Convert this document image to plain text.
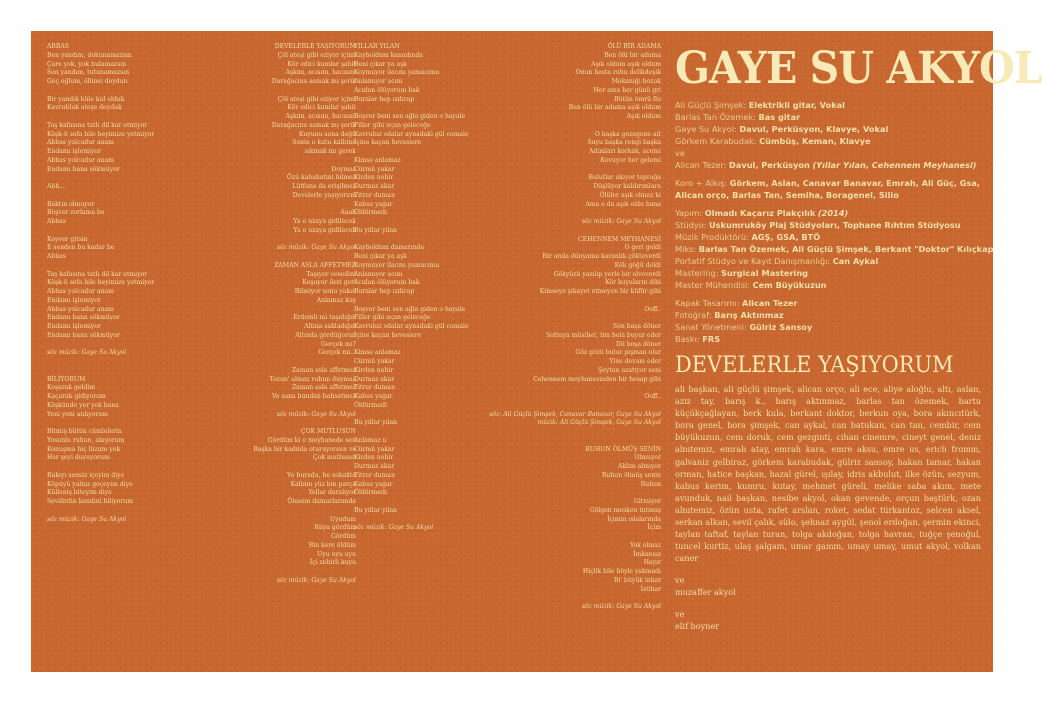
ABBAS
Ben yandım, dokunamazsın
Çare yok, yok bulamazsın
Sen yandım, tutunamazsın
Geç oğlum, ölüme doydun
Bir yandık küle kul olduk
Kavrulduk ateşe doyduk
Taş kafasına tatlı dil kar etmiyor
Köşk-ü sefa bile beyimize yetmiyor
Abbas yolcudur anam
Endamı işlemiyor
Abbas yolcudur anam
Endamı bana sökmüyor
Ahh...
Baktın olmuyor
Boşver zorlama be
Abbas
Koyver gitsin
E senden bu kadar be
Abbas
Taş kafasına tatlı dil kar etmiyor
Köşk-ü sefa bile beyimize yetmiyor
Abbas yolcudur anam
Endamı işlemiyor
Abbas yolcudur anam
Endamı bana sökmüyor
Endamı işlemiyor
Endamı bana sökmüyor
söz müzik: Gaye Su Akyol
BİLİYORUM
Koşarak geldim
Kaçarak gidiyorum
Köşkünde yer yok bana
Yeni yeni anlıyorum
Bitmiş bütün cümlelerin
Yosunlu ruhun, akıyorum
Konuşma hiç lüzum yok
Her şeyi duyuyorum
Rakıyı sensiz içeyim diye
Köpüyü yalnız geçeyim diye
Külleniş biteyim diye
Sevdirdin kendini biliyorum
söz müzik: Gaye Su Akyol
DEVELERLE YAŞIYORUM
Çöl ateşi gibi eziyor içimi
Kör edici kumlar şahit
Aşkım, acısını, hacısını
Darağacına asmak mı şerik
Çöl ateşi gibi eziyor içimi
Kör edici kumlar şahit
Aşkım, acısını, hacısını
Darağacına asmak mı şerik
Kuyunu sana değil
Senin o kutu kalbine
sıkmak mı gerek
Doymaz
Özü kabahatini bilmez
Lütfuna da erişilmez
Develerle yaşıyorum
Aaah
Ya o uzaya gidilecek
Ya o uzaya gidilecek
söz müzik: Gaye Su Akyol
ZAMAN ASLA AFFETMEZ
Taşıyor cesedini
Koşuyor ileri geri
Bilmiyor sonu yakın
Anlamaz kuş
Erdemli mi taşıdığın
Altına sakladığın
Altında gördüğorun
Gerçek mi?
Gerçek mi...
Zaman asla affetmez
Tozun' almaz ruhun duymaz
Zaman asla affetmez
Ve sana bundan bahsetmez
söz müzik: Gaye Su Akyol
ÇOK MUTLUSUN
Gördüm ki o meyhanede sen
Başka bir kadınla oturuyorsun ve
Çok mutlusun
Ve burada, bu sokakta
Kalbim yüz bin parça
Yollar daralıyor
Ölesem damarlarımda
Uyudum
Rüya gördüm
Gördüm
Bin kere öldüm
Uyu uyu uyu
İçi zehirli kuyu
söz müzik: Gaye Su Akyol
YILLAR YILAN
Kayboldum kanadında
Beni çıkar ya aşk
Koymuyor ilacını yamacıma
Anlamıyor acını
Acıdan ölüyorum bak
Buralar hep ızdırap
Boşver beni sen ağla giden o hayale
Filler gibi uçan geleceğe
Kavruluz odalar aynadaki gül cemale
İçine kaçan hevesiere
Kimse anlamaz
Cürmü yakar
Kirden nehir
Durmaz akar
Titrer duman
Kabus yağar
Öldürmedi
Bu yıllar yılan
Kayboldum damarında
Beni çıkar ya aşk
Koymuyor ilacını yamacıma
Anlamıyor acını
Acıdan ölüyorum bak
Buralar hep ızdırap
Boşver beni sen ağla giden o hayale
Filler gibi uçan geleceğe
Kavruluz odalar aynadaki gül cemale
İçine kaçan hevesiere
Kimse anlamaz
Cürmü yakar
Kirden nehir
Durmaz akar
Titrer duman
Kabus yağar
Öldürmedi
Bu yıllar yılan
Anlamaz u
Cürmü yakar
Kirden nehir
Durmaz akar
Titrer duman
Kabus yağar
Öldürmedi
Bu yıllar yılan
söz müzik: Gaye Su Akyol
ÖLÜ BİR ADAMA
Ben ölü bir adama
Aşık oldum aşık oldum
Onun hasta ruhu delikdeşik
Mekanığı bozuk
Her ama her günü gri
Bütün ömrü flu
Ben ölü bir adama aşık oldum
Aşık oldum
O başka gezegene ait
Suyu başka rengi başka
Adımları korkak, acemi
Kovuyor her gelemi
Bulutlar akıyor toprağa
Düşlüyor kaldırımlara
Ölüler aşık olmaz ki
Ama o da aşık oldu bana
söz müzik: Gaye Su Akyol
CEHENNEM MEYHANESİ
O geri geldi
Bir anda dünyama karanlık çökteverdi
Kök göğü deldi
Gökyüzü yazılıp yerle bir olveverdi
Kör kuyuların dibi
Kimseye şikayet etmeyen bir küfür gibi
Ooff..
Son başa döner
Sofraya müsibet, bin bela buyur eder
Dil boşa döner
Göz gözü bulur pişman olur
Yine devam eder
Şeytan uzatıyor seni
Cehennem meyhanesinden bir hesap gibi
Ooff..
söz: Ali Güçlü Şimşek, Canavar Banavar, Gaye Su Akyol
müzik: Ali Güçlü Şimşek, Gaye Su Akyol
RUHUN ÖLMÜŞ SENİN
Olmuyor
Aklım almıyor
Ruhun ölmüş senin
Ruhun
Gitmiyor
Gölgen mesken tutmuş
İçimin ıslalarında
İçim
Yok olmaz
İmkansız
Hayır
Hiçlik bile böyle yakmadı
Bi' büyük inkar
İstihar
söz müzik: Gaye Su Akyol
GAYE SU AKYOL
Ali Güçlü Şimşek: Elektrikli gitar, Vokal
Barlas Tan Özemek: Bas gitar
Gaye Su Akyol: Davul, Perküsyon, Klavye, Vokal
Görkem Karabudak: Cümbüş, Keman, Klavye
ve
Alican Tezer: Davul, Perküsyon (Yıllar Yılan, Cehennem Meyhanesi)
Koro + Alkış: Görkem, Aslan, Canavar Banavar, Emrah, Ali Güç, Gsa,
Alican orço, Barlas Tan, Semiha, Boragenel, Silio
Yapım: Olmadı Kaçarız Plakçılık (2014)
Stüdyo: Uskumruköy Plaj Stüdyoları, Tophane Rıhtım Stüdyosu
Müzik Prodüktörü: AGŞ, GSA, BTÖ
Miks: Barlas Tan Özemek, Ali Güçlü Şimşek, Berkant "Doktor" Kılıçkap
Portatif Stüdyo ve Kayıt Danışmanlığı: Can Aykal
Mastering: Surgical Mastering
Master Mühendisi: Cem Büyükuzun
Kapak Tasarımı: Alican Tezer
Fotoğraf: Barış Aktınmaz
Sanat Yönetmeni: Gülriz Sansoy
Baskı: FRS
DEVELERLE YAŞIYORUM
ali başkan, ali güçlü şimşek, alican orço, ali ece, aliye aloğlu, altı, aslan, aziz tay, barış k., barış aktınmaz, barlas tan özemek, bartu küçükçağlayan, berk kula, berkant doktor, berkun oya, bora akıncıtürk, bora genel, bora şimşek, can aykal, can batukan, can tan, cembir, cem büyükuzun, cem doruk, cem gezginti, cihan cinemre, cineyt genel, deniz alnıtemiz, emrah atay, emrah kara, emre aksu, emre us, erich fromm, galvaniz gelbiraz, görkem karabudak, gülriz sansoy, hakan tamar, hakan orman, hatice başkan, hazal gürel, ışılay, idris akbulut, ilke özün, sezyum, kabus kerim, kumru, kutay, mehmet güreli, melike saba akım, mete avunduk, nail başkan, nesibe akyol, okan gevende, orçun baştürk, ozan alnıtemiz, özün usta, rafet arslan, roket, sedat türkantoz, selcen aksel, serkan alkan, sevil çalık, sülo, şehnaz aygül, şenol erdoğan, şermin ekinci, taylan taftaf, taylan turan, tolga akdoğan, tolga havran, tuğçe şenoğul, tuncel kurtiz, ulaş şalgam, umar gamm, umay umay, umut akyol, volkan caner
ve
muzaffer akyol
ve
elif boyner
